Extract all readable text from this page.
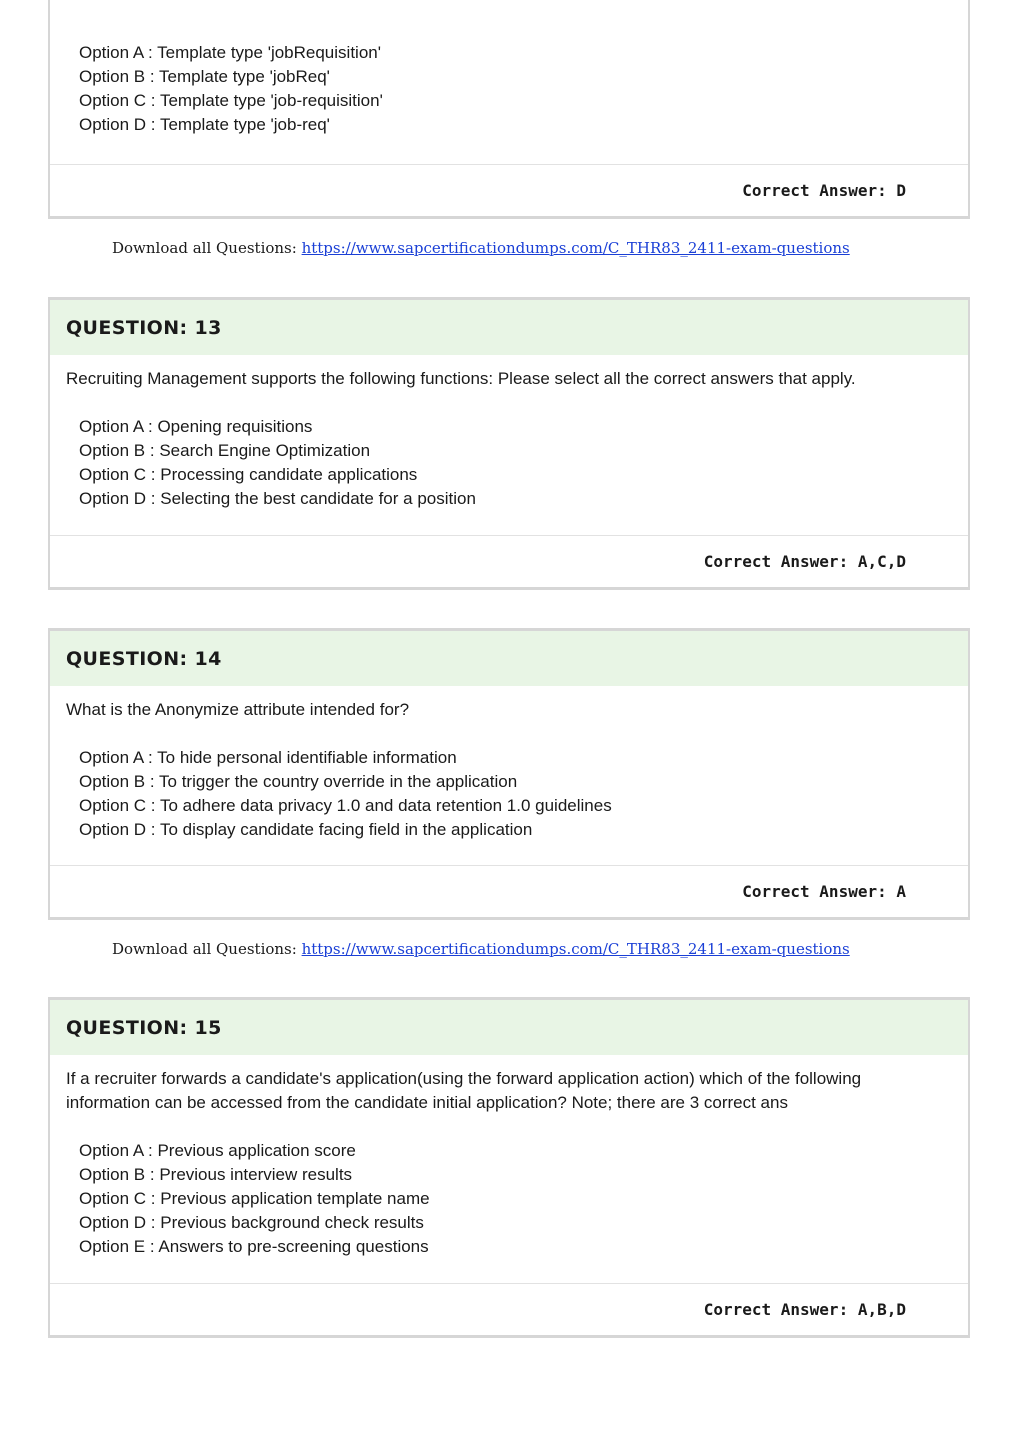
Option A : Template type 'jobRequisition'
Option B : Template type 'jobReq'
Option C : Template type 'job-requisition'
Option D : Template type 'job-req'
Correct Answer: D
Download all Questions: https://www.sapcertificationdumps.com/C_THR83_2411-exam-questions
QUESTION: 13

Recruiting Management supports the following functions: Please select all the correct answers that apply.

Option A : Opening requisitions
Option B : Search Engine Optimization
Option C : Processing candidate applications
Option D : Selecting the best candidate for a position
Correct Answer: A,C,D
QUESTION: 14

What is the Anonymize attribute intended for?

Option A : To hide personal identifiable information
Option B : To trigger the country override in the application
Option C : To adhere data privacy 1.0 and data retention 1.0 guidelines
Option D : To display candidate facing field in the application
Correct Answer: A
Download all Questions: https://www.sapcertificationdumps.com/C_THR83_2411-exam-questions
QUESTION: 15

If a recruiter forwards a candidate's application(using the forward application action) which of the following information can be accessed from the candidate initial application? Note; there are 3 correct ans

Option A : Previous application score
Option B : Previous interview results
Option C : Previous application template name
Option D : Previous background check results
Option E : Answers to pre-screening questions
Correct Answer: A,B,D
